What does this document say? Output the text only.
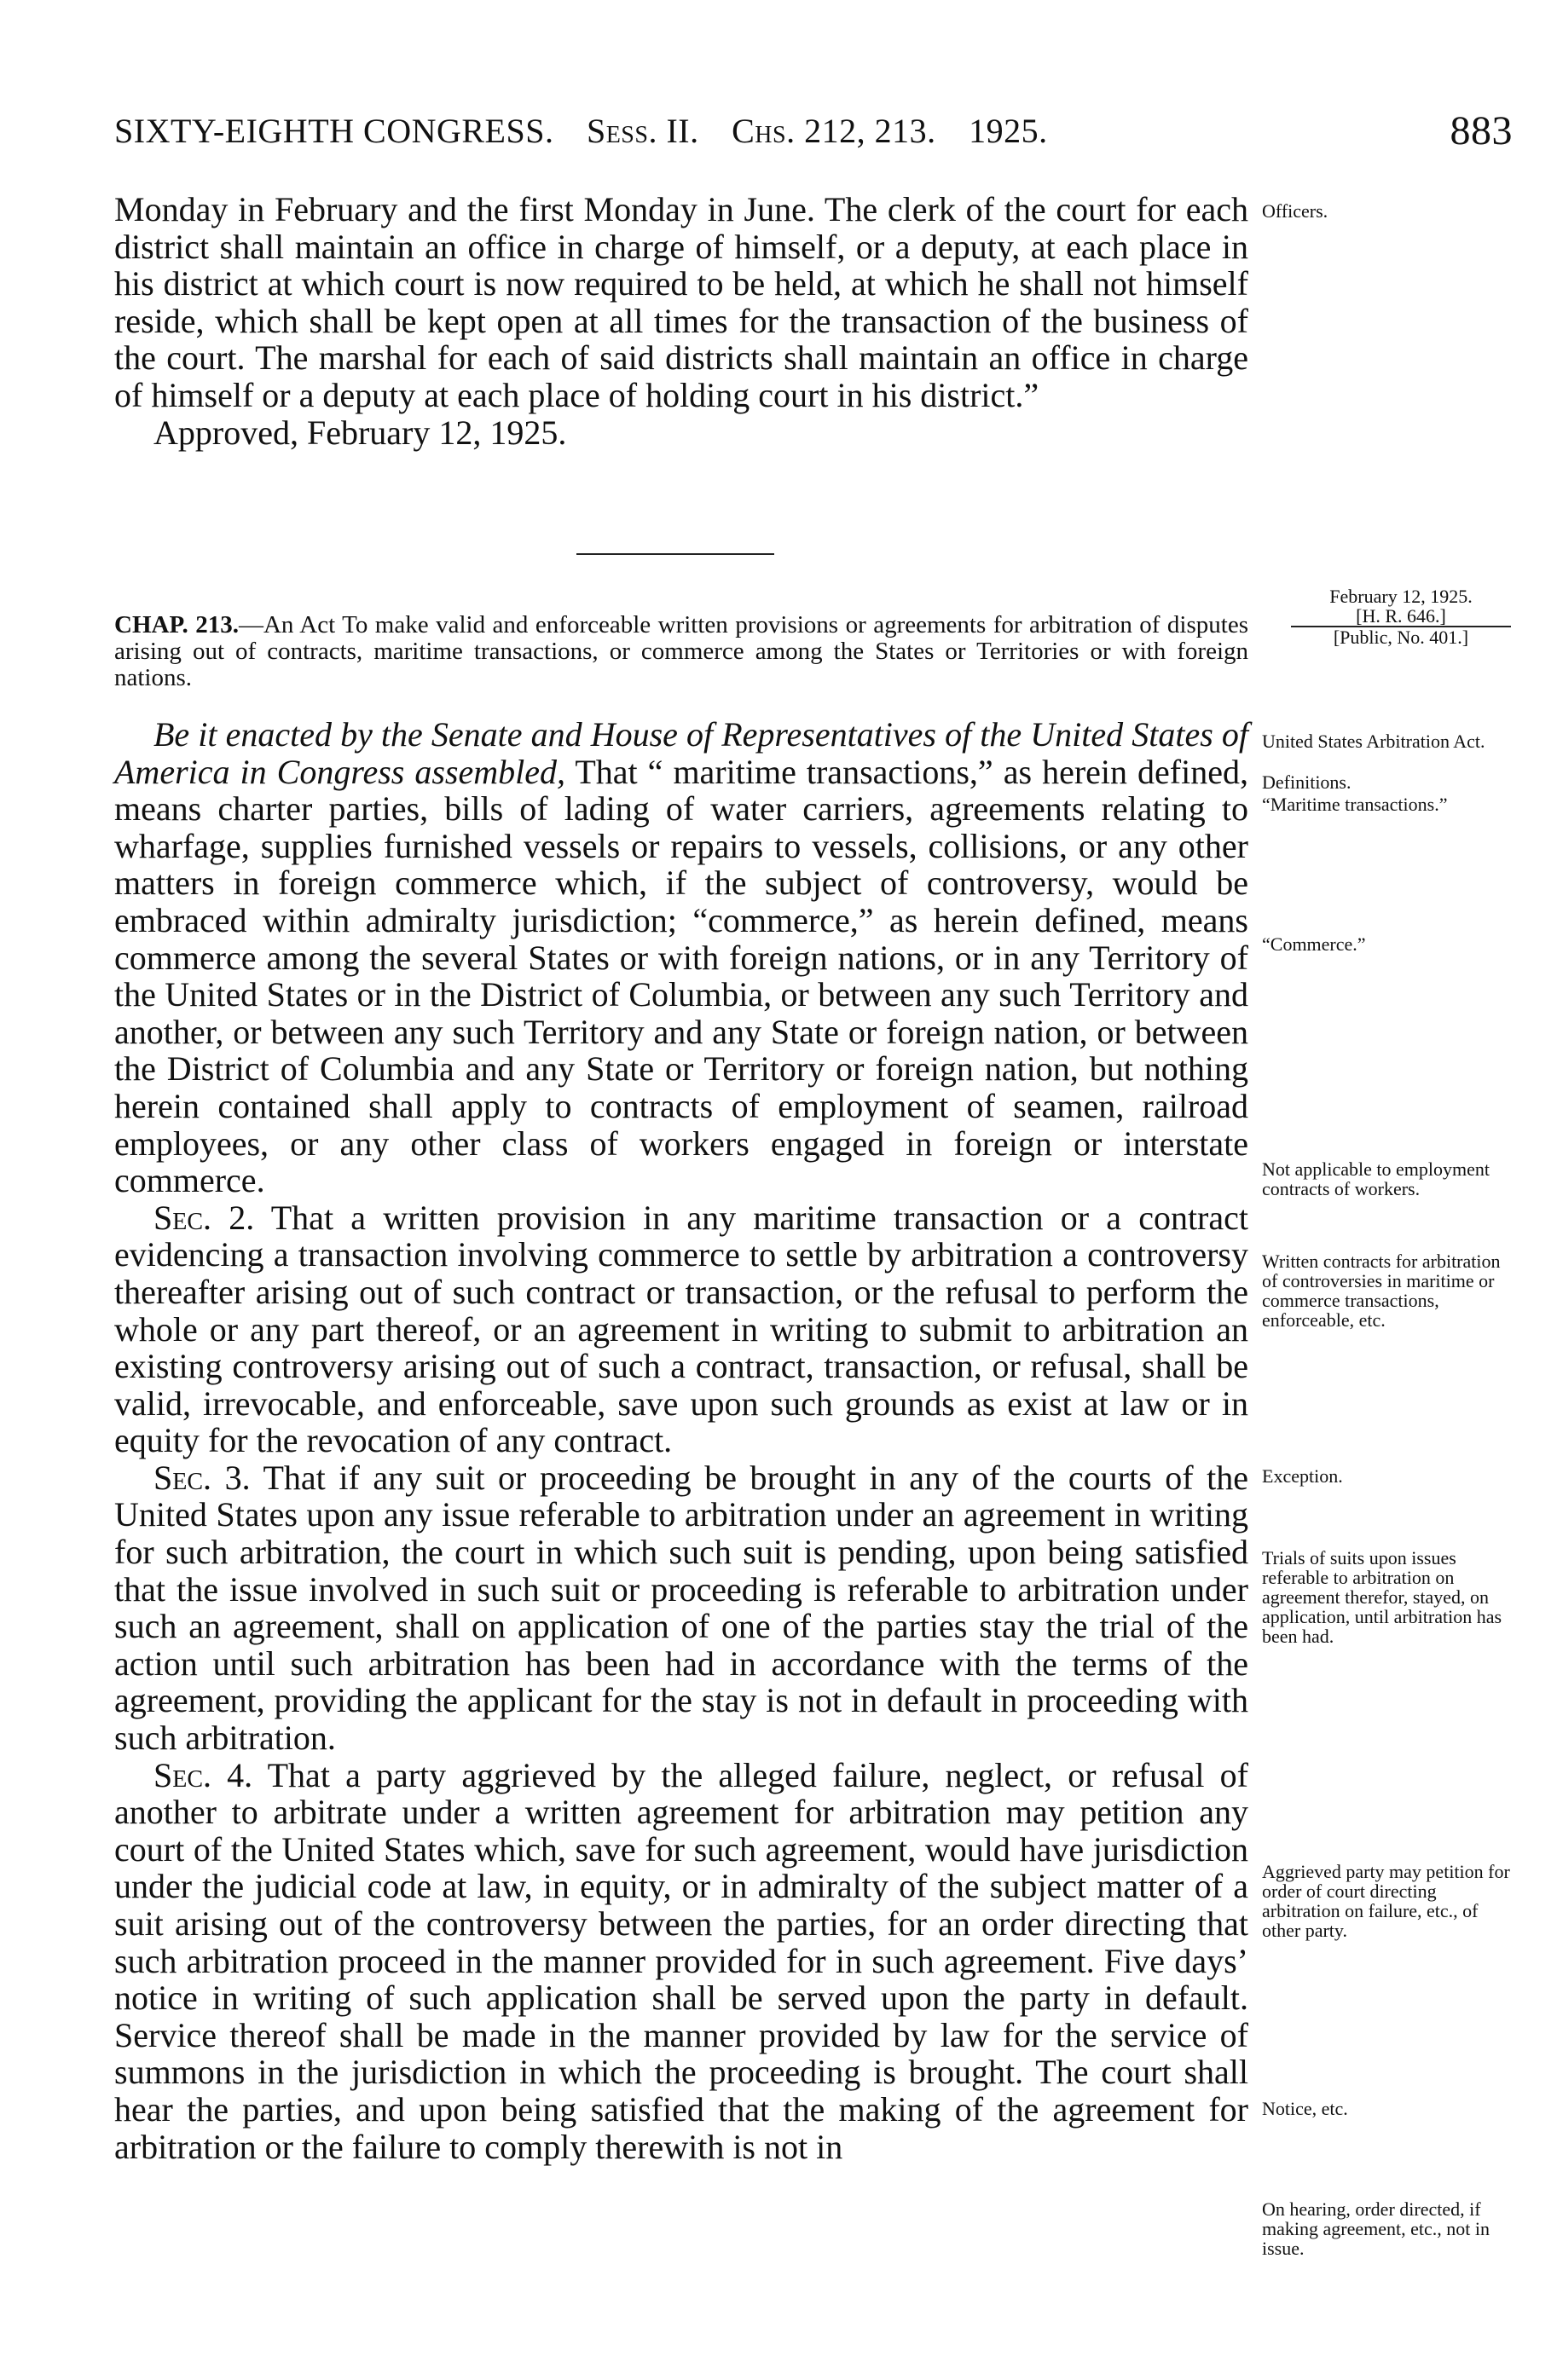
SIXTY-EIGHTH CONGRESS. Sess. II. Chs. 212, 213. 1925.	883

Monday in February and the first Monday in June. The clerk of the court for each district shall maintain an office in charge of himself, or a deputy, at each place in his district at which court is now required to be held, at which he shall not himself reside, which shall be kept open at all times for the transaction of the business of the court. The marshal for each of said districts shall maintain an office in charge of himself or a deputy at each place of holding court in his district.”

Approved, February 12, 1925.

CHAP. 213.—An Act To make valid and enforceable written provisions or agreements for arbitration of disputes arising out of contracts, maritime transactions, or commerce among the States or Territories or with foreign nations.
February 12, 1925.
[H. R. 646.]
[Public, No. 401.]

Be it enacted by the Senate and House of Representatives of the United States of America in Congress assembled, That “ maritime transactions,” as herein defined, means charter parties, bills of lading of water carriers, agreements relating to wharfage, supplies furnished vessels or repairs to vessels, collisions, or any other matters in foreign commerce which, if the subject of controversy, would be embraced within admiralty jurisdiction; “commerce,” as herein defined, means commerce among the several States or with foreign nations, or in any Territory of the United States or in the District of Columbia, or between any such Territory and another, or between any such Territory and any State or foreign nation, or between the District of Columbia and any State or Territory or foreign nation, but nothing herein contained shall apply to contracts of employment of seamen, railroad employees, or any other class of workers engaged in foreign or interstate commerce.

Sec. 2. That a written provision in any maritime transaction or a contract evidencing a transaction involving commerce to settle by arbitration a controversy thereafter arising out of such contract or transaction, or the refusal to perform the whole or any part thereof, or an agreement in writing to submit to arbitration an existing controversy arising out of such a contract, transaction, or refusal, shall be valid, irrevocable, and enforceable, save upon such grounds as exist at law or in equity for the revocation of any contract.

Sec. 3. That if any suit or proceeding be brought in any of the courts of the United States upon any issue referable to arbitration under an agreement in writing for such arbitration, the court in which such suit is pending, upon being satisfied that the issue involved in such suit or proceeding is referable to arbitration under such an agreement, shall on application of one of the parties stay the trial of the action until such arbitration has been had in accordance with the terms of the agreement, providing the applicant for the stay is not in default in proceeding with such arbitration.

Sec. 4. That a party aggrieved by the alleged failure, neglect, or refusal of another to arbitrate under a written agreement for arbitration may petition any court of the United States which, save for such agreement, would have jurisdiction under the judicial code at law, in equity, or in admiralty of the subject matter of a suit arising out of the controversy between the parties, for an order directing that such arbitration proceed in the manner provided for in such agreement. Five days’ notice in writing of such application shall be served upon the party in default. Service thereof shall be made in the manner provided by law for the service of summons in the jurisdiction in which the proceeding is brought. The court shall hear the parties, and upon being satisfied that the making of the agreement for arbitration or the failure to comply therewith is not in

Officers.
United States Arbitration Act.
Definitions.
“Maritime transactions.”
“Commerce.”
Not applicable to employment contracts of workers.
Written contracts for arbitration of controversies in maritime or commerce transactions, enforceable, etc.
Exception.
Trials of suits upon issues referable to arbitration on agreement therefor, stayed, on application, until arbitration has been had.
Aggrieved party may petition for order of court directing arbitration on failure, etc., of other party.
Notice, etc.
On hearing, order directed, if making agreement, etc., not in issue.
